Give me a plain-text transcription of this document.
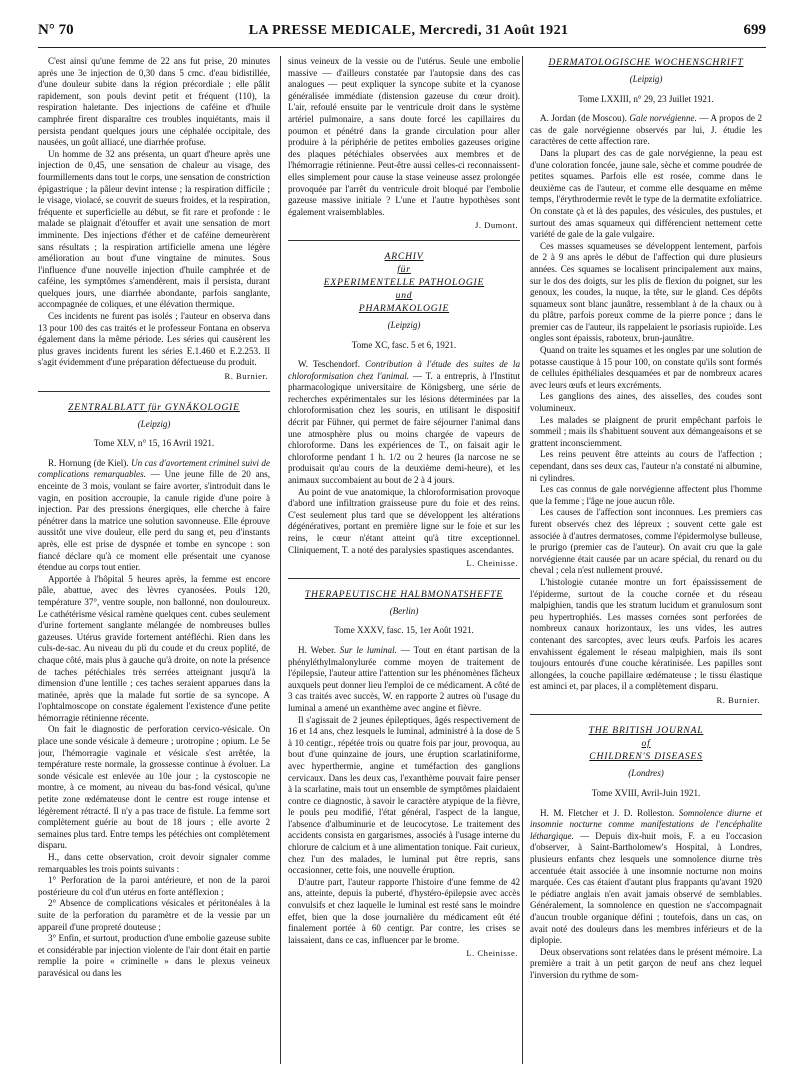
N° 70	LA PRESSE MEDICALE, Mercredi, 31 Août 1921	699

C'est ainsi qu'une femme de 22 ans fut prise, 20 minutes après une 3e injection de 0,30 dans 5 cmc. d'eau bidistillée, d'une douleur subite dans la région précordiale ; elle pâlit rapidement, son pouls devint petit et fréquent (110), la respiration haletante. Des injections de caféine et d'huile camphrée firent disparaître ces troubles inquiétants, mais il persista pendant quelques jours une céphalée occipitale, des nausées, un goût alliacé, une diarrhée profuse.

Un homme de 32 ans présenta, un quart d'heure après une injection de 0,45, une sensation de chaleur au visage, des fourmillements dans tout le corps, une sensation de constriction épigastrique ; la pâleur devint intense ; la respiration difficile ; le visage, violacé, se couvrit de sueurs froides, et la respiration, fréquente et superficielle au début, se fit rare et profonde : le malade se plaignait d'étouffer et avait une sensation de mort imminente. Des injections d'éther et de caféine demeurèrent sans résultats ; la respiration artificielle amena une légère amélioration au bout d'une vingtaine de minutes. Sous l'influence d'une nouvelle injection d'huile camphrée et de caféine, les symptômes s'amendèrent, mais il persista, durant quelques jours, une diarrhée abondante, parfois sanglante, accompagnée de coliques, et une élévation thermique.

Ces incidents ne furent pas isolés ; l'auteur en observa dans 13 pour 100 des cas traités et le professeur Fontana en observa également dans la même période. Les séries qui causèrent les plus graves incidents furent les séries E.1.460 et E.2.253. Il s'agit évidemment d'une préparation défectueuse du produit.

R. Burnier.
ZENTRALBLATT für GYNÄKOLOGIE
(Leipzig)
Tome XLV, n° 15, 16 Avril 1921.

R. Hornung (de Kiel). Un cas d'avortement criminel suivi de complications remarquables. — Une jeune fille de 20 ans, enceinte de 3 mois, voulant se faire avorter, s'introduit dans le vagin, en position accroupie, la canule rigide d'une poire à injection. Par des pressions énergiques, elle cherche à faire pénétrer dans la matrice une solution savonneuse. Elle éprouve aussitôt une vive douleur, elle perd du sang et, peu d'instants après, elle est prise de dyspnée et tombe en syncope : son fiancé déclare qu'à ce moment elle présentait une cyanose étendue au corps tout entier.

Apportée à l'hôpital 5 heures après, la femme est encore pâle, abattue, avec des lèvres cyanosées. Pouls 120, température 37°, ventre souple, non ballonné, non douloureux. Le cathétérisme vésical ramène quelques cent. cubes seulement d'urine fortement sanglante mélangée de nombreuses bulles gazeuses. Utérus gravide fortement antéfléchi. Rien dans les culs-de-sac. Au niveau du pli du coude et du creux poplité, de chaque côté, mais plus à gauche qu'à droite, on note la présence de taches pétéchiales très serrées atteignant jusqu'à la dimension d'une lentille ; ces taches seraient apparues dans la matinée, après que la malade fut sortie de sa syncope. A l'ophtalmoscope on constate également l'existence d'une petite hémorragie rétinienne récente.

On fait le diagnostic de perforation cervico-vésicale. On place une sonde vésicale à demeure ; urotropine ; opium. Le 5e jour, l'hémorragie vaginale et vésicale s'est arrêtée, la température reste normale, la grossesse continue à évoluer. La sonde vésicale est enlevée au 10e jour ; la cystoscopie ne montre, à ce moment, au niveau du bas-fond vésical, qu'une petite zone œdémateuse dont le centre est rouge intense et légèrement rétracté. Il n'y a pas trace de fistule. La femme sort complètement guérie au bout de 18 jours ; elle avorte 2 semaines plus tard. Entre temps les pétéchies ont complètement disparu.

H., dans cette observation, croit devoir signaler comme remarquables les trois points suivants :

1° Perforation de la paroi antérieure, et non de la paroi postérieure du col d'un utérus en forte antéflexion ;

2° Absence de complications vésicales et péritonéales à la suite de la perforation du paramètre et de la vessie par un appareil d'une propreté douteuse ;

3° Enfin, et surtout, production d'une embolie gazeuse subite et considérable par injection violente de l'air dont était en partie remplie la poire « criminelle » dans le plexus veineux paravésical ou dans les

sinus veineux de la vessie ou de l'utérus. Seule une embolie massive — d'ailleurs constatée par l'autopsie dans des cas analogues — peut expliquer la syncope subite et la cyanose généralisée immédiate (distension gazeuse du cœur droit). L'air, refoulé ensuite par le ventricule droit dans le système artériel pulmonaire, a sans doute forcé les capillaires du poumon et pénétré dans la grande circulation pour aller produire à la périphérie de petites embolies gazeuses origine des plaques pétéchiales observées aux membres et de l'hémorragie rétinienne. Peut-être aussi celles-ci reconnaissent-elles simplement pour cause la stase veineuse assez prolongée provoquée par l'arrêt du ventricule droit bloqué par l'embolie gazeuse massive initiale ? L'une et l'autre hypothèses sont également vraisemblables.

J. Dumont.
ARCHIV
für
EXPERIMENTELLE PATHOLOGIE
und
PHARMAKOLOGIE
(Leipzig)
Tome XC, fasc. 5 et 6, 1921.

W. Teschendorf. Contribution à l'étude des suites de la chloroformisation chez l'animal. — T. a entrepris, à l'Institut pharmacologique universitaire de Königsberg, une série de recherches expérimentales sur les lésions déterminées par la chloroformisation chez les souris, en utilisant le dispositif décrit par Fühner, qui permet de faire séjourner l'animal dans une atmosphère plus ou moins chargée de vapeurs de chloroforme. Dans les expériences de T., on faisait agir le chloroforme pendant 1 h. 1/2 ou 2 heures (la narcose ne se produisait qu'au cours de la deuxième demi-heure), et les animaux succombaient au bout de 2 à 4 jours.

Au point de vue anatomique, la chloroformisation provoque d'abord une infiltration graisseuse pure du foie et des reins. C'est seulement plus tard que se développent les altérations dégénératives, portant en première ligne sur le foie et sur les reins, le cœur n'étant atteint qu'à titre exceptionnel. Cliniquement, T. a noté des paralysies spastiques ascendantes.

L. Cheinisse.
THERAPEUTISCHE HALBMONATSHEFTE
(Berlin)
Tome XXXV, fasc. 15, 1er Août 1921.

H. Weber. Sur le luminal. — Tout en étant partisan de la phényléthylmalonylurée comme moyen de traitement de l'épilepsie, l'auteur attire l'attention sur les phénomènes fâcheux auxquels peut donner lieu l'emploi de ce médicament. A côté de 3 cas traités avec succès, W. en rapporte 2 autres où l'usage du luminal a amené un exanthème avec angine et fièvre.

Il s'agissait de 2 jeunes épileptiques, âgés respectivement de 16 et 14 ans, chez lesquels le luminal, administré à la dose de 5 à 10 centigr., répétée trois ou quatre fois par jour, provoqua, au bout d'une quinzaine de jours, une éruption scarlatiniforme, avec hyperthermie, angine et tuméfaction des ganglions cervicaux. Dans les deux cas, l'exanthème pouvait faire penser à la scarlatine, mais tout un ensemble de symptômes plaidaient contre ce diagnostic, à savoir le caractère atypique de la fièvre, le pouls peu modifié, l'état général, l'aspect de la langue, l'absence d'albuminurie et de leucocytose. Le traitement des accidents consista en gargarismes, associés à l'usage interne du chlorure de calcium et à une alimentation tonique. Fait curieux, chez l'un des malades, le luminal put être repris, sans occasionner, cette fois, une nouvelle éruption.

D'autre part, l'auteur rapporte l'histoire d'une femme de 42 ans, atteinte, depuis la puberté, d'hystéro-épilepsie avec accès convulsifs et chez laquelle le luminal est resté sans le moindre effet, bien que la dose journalière du médicament eût été finalement portée à 60 centigr. Par contre, les crises se laissaient, dans ce cas, influencer par le brome.

L. Cheinisse.
DERMATOLOGISCHE WOCHENSCHRIFT
(Leipzig)
Tome LXXIII, n° 29, 23 Juillet 1921.

A. Jordan (de Moscou). Gale norvégienne. — A propos de 2 cas de gale norvégienne observés par lui, J. étudie les caractères de cette affection rare.

Dans la plupart des cas de gale norvégienne, la peau est d'une coloration foncée, jaune sale, sèche et comme poudrée de petites squames. Parfois elle est rosée, comme dans le deuxième cas de l'auteur, et comme elle desquame en même temps, l'érythrodermie revêt le type de la dermatite exfoliatrice. On constate çà et là des papules, des vésicules, des pustules, et surtout des amas squameux qui différencient nettement cette variété de gale de la gale vulgaire.

Ces masses squameuses se développent lentement, parfois de 2 à 9 ans après le début de l'affection qui dure plusieurs années. Ces squames se localisent principalement aux mains, sur le dos des doigts, sur les plis de flexion du poignet, sur les genoux, les coudes, la nuque, la tête, sur le gland. Ces dépôts squameux sont blanc jaunâtre, ressemblant à de la chaux ou à du plâtre, parfois poreux comme de la pierre ponce ; dans le premier cas de l'auteur, ils rappelaient le psoriasis rupioïde. Les ongles sont épaissis, raboteux, brun-jaunâtre.

Quand on traite les squames et les ongles par une solution de potasse caustique à 15 pour 100, on constate qu'ils sont formés de cellules épithéliales desquamées et par de nombreux acares avec leurs œufs et leurs excréments.

Les ganglions des aines, des aisselles, des coudes sont volumineux.

Les malades se plaignent de prurit empêchant parfois le sommeil ; mais ils s'habituent souvent aux démangeaisons et se grattent inconsciemment.

Les reins peuvent être atteints au cours de l'affection ; cependant, dans ses deux cas, l'auteur n'a constaté ni albumine, ni cylindres.

Les cas connus de gale norvégienne affectent plus l'homme que la femme ; l'âge ne joue aucun rôle.

Les causes de l'affection sont inconnues. Les premiers cas furent observés chez des lépreux ; souvent cette gale est associée à d'autres dermatoses, comme l'épidermolyse bulleuse, le prurigo (premier cas de l'auteur). On avait cru que la gale norvégienne était causée par un acare spécial, du renard ou du cheval ; cela n'est nullement prouvé.

L'histologie cutanée montre un fort épaississement de l'épiderme, surtout de la couche cornée et du réseau malpighien, tandis que les stratum lucidum et granulosum sont peu hypertrophiés. Les masses cornées sont perforées de nombreux canaux horizontaux, les uns vides, les autres contenant des sarcoptes, avec leurs œufs. Parfois les acares envahissent également le réseau malpighien, mais ils sont toujours entourés d'une couche kératinisée. Les papilles sont allongées, la couche papillaire œdémateuse ; le tissu élastique est aminci et, par places, il a complètement disparu.

R. Burnier.
THE BRITISH JOURNAL
of
CHILDREN'S DISEASES
(Londres)
Tome XVIII, Avril-Juin 1921.

H. M. Fletcher et J. D. Rolleston. Somnolence diurne et insomnie nocturne comme manifestations de l'encéphalite léthargique. — Depuis dix-huit mois, F. a eu l'occasion d'observer, à Saint-Bartholomew's Hospital, à Londres, plusieurs enfants chez lesquels une somnolence diurne très accentuée était associée à une insomnie nocturne non moins marquée. Ces cas étaient d'autant plus frappants qu'avant 1920 le pédiatre anglais n'en avait jamais observé de semblables. Généralement, la somnolence en question ne s'accompagnait d'aucun trouble organique défini ; toutefois, dans un cas, on avait noté des douleurs dans les membres inférieurs et de la diplopie.

Deux observations sont relatées dans le présent mémoire. La première a trait à un petit garçon de neuf ans chez lequel l'inversion du rythme de som-
